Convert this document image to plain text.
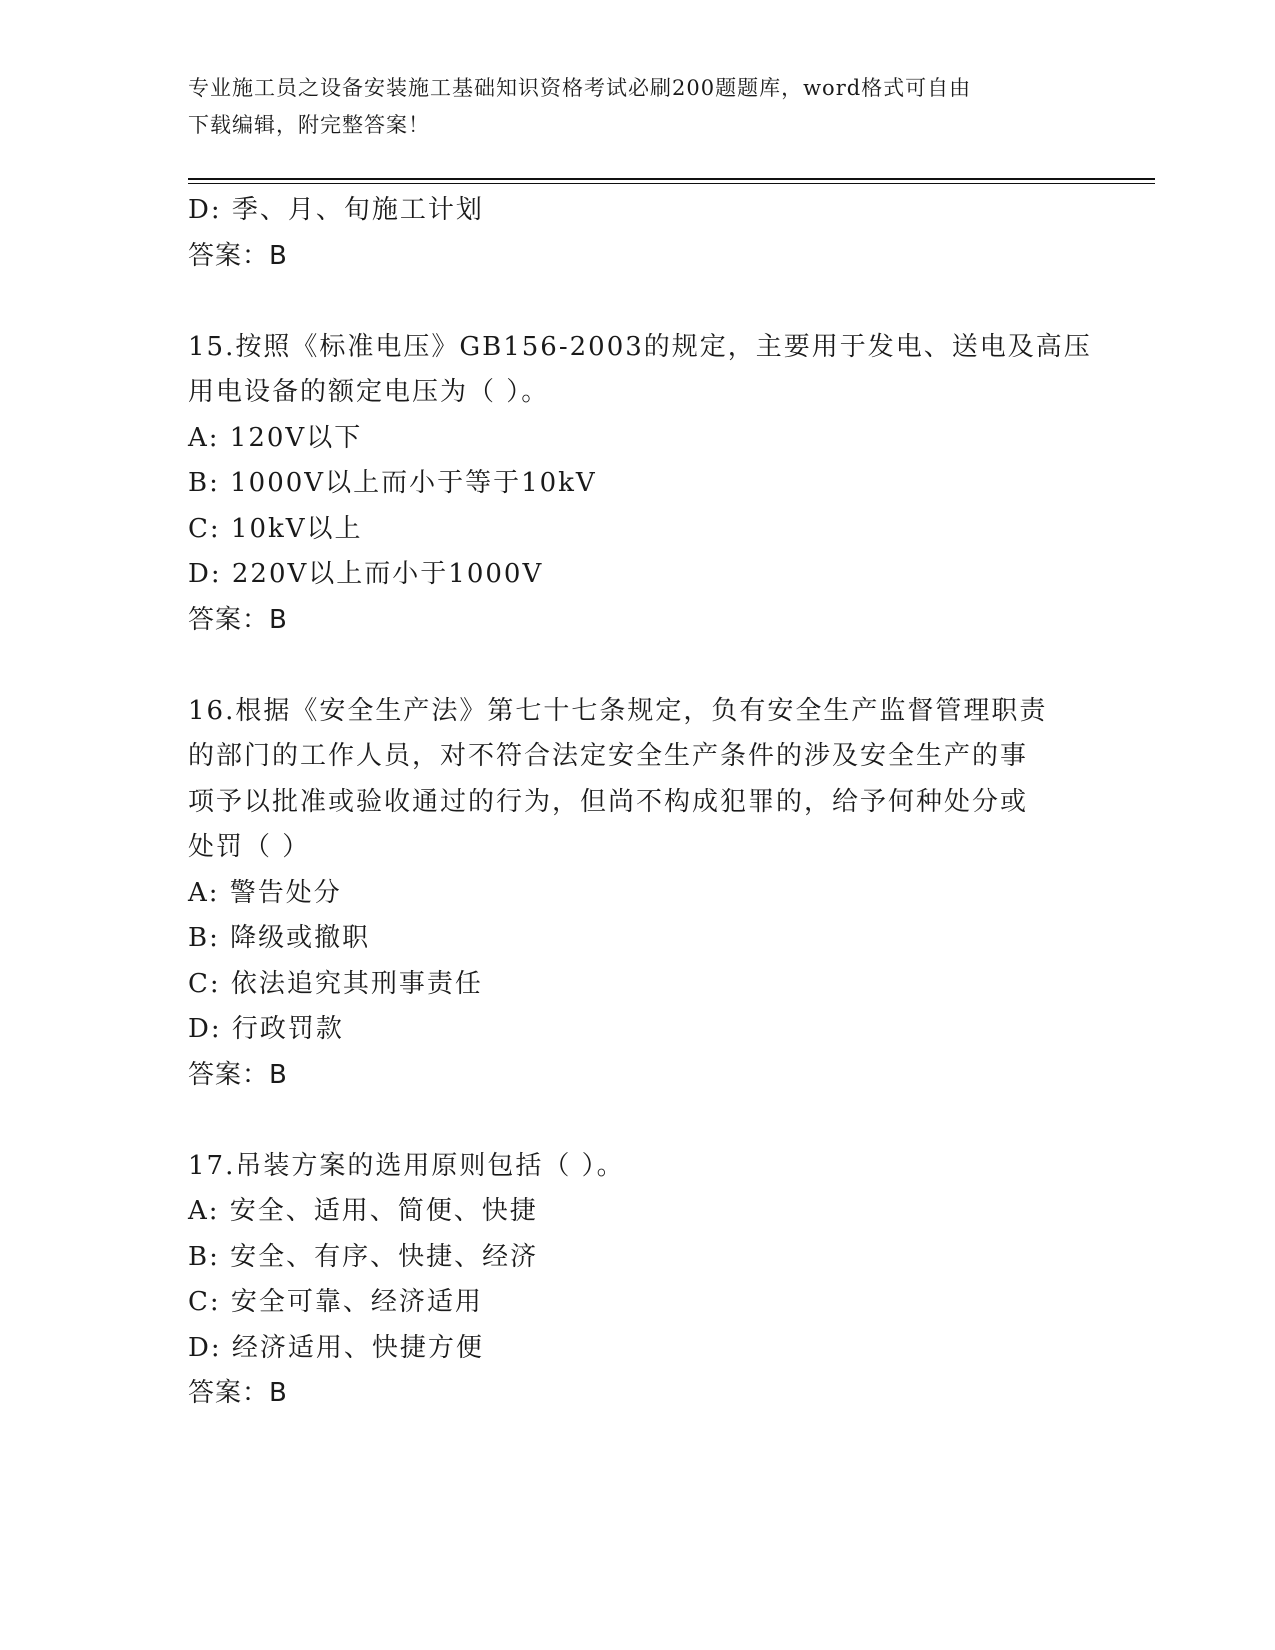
专业施工员之设备安装施工基础知识资格考试必刷200题题库，word格式可自由
下载编辑，附完整答案！
D: 季、月、旬施工计划
答案：B
15.按照《标准电压》GB156-2003的规定，主要用于发电、送电及高压
用电设备的额定电压为（ ）。
A: 120V以下
B: 1000V以上而小于等于10kV
C: 10kV以上
D: 220V以上而小于1000V
答案：B
16.根据《安全生产法》第七十七条规定，负有安全生产监督管理职责
的部门的工作人员，对不符合法定安全生产条件的涉及安全生产的事
项予以批准或验收通过的行为，但尚不构成犯罪的，给予何种处分或
处罚（ ）
A: 警告处分
B: 降级或撤职
C: 依法追究其刑事责任
D: 行政罚款
答案：B
17.吊装方案的选用原则包括（ ）。
A: 安全、适用、简便、快捷
B: 安全、有序、快捷、经济
C: 安全可靠、经济适用
D: 经济适用、快捷方便
答案：B
